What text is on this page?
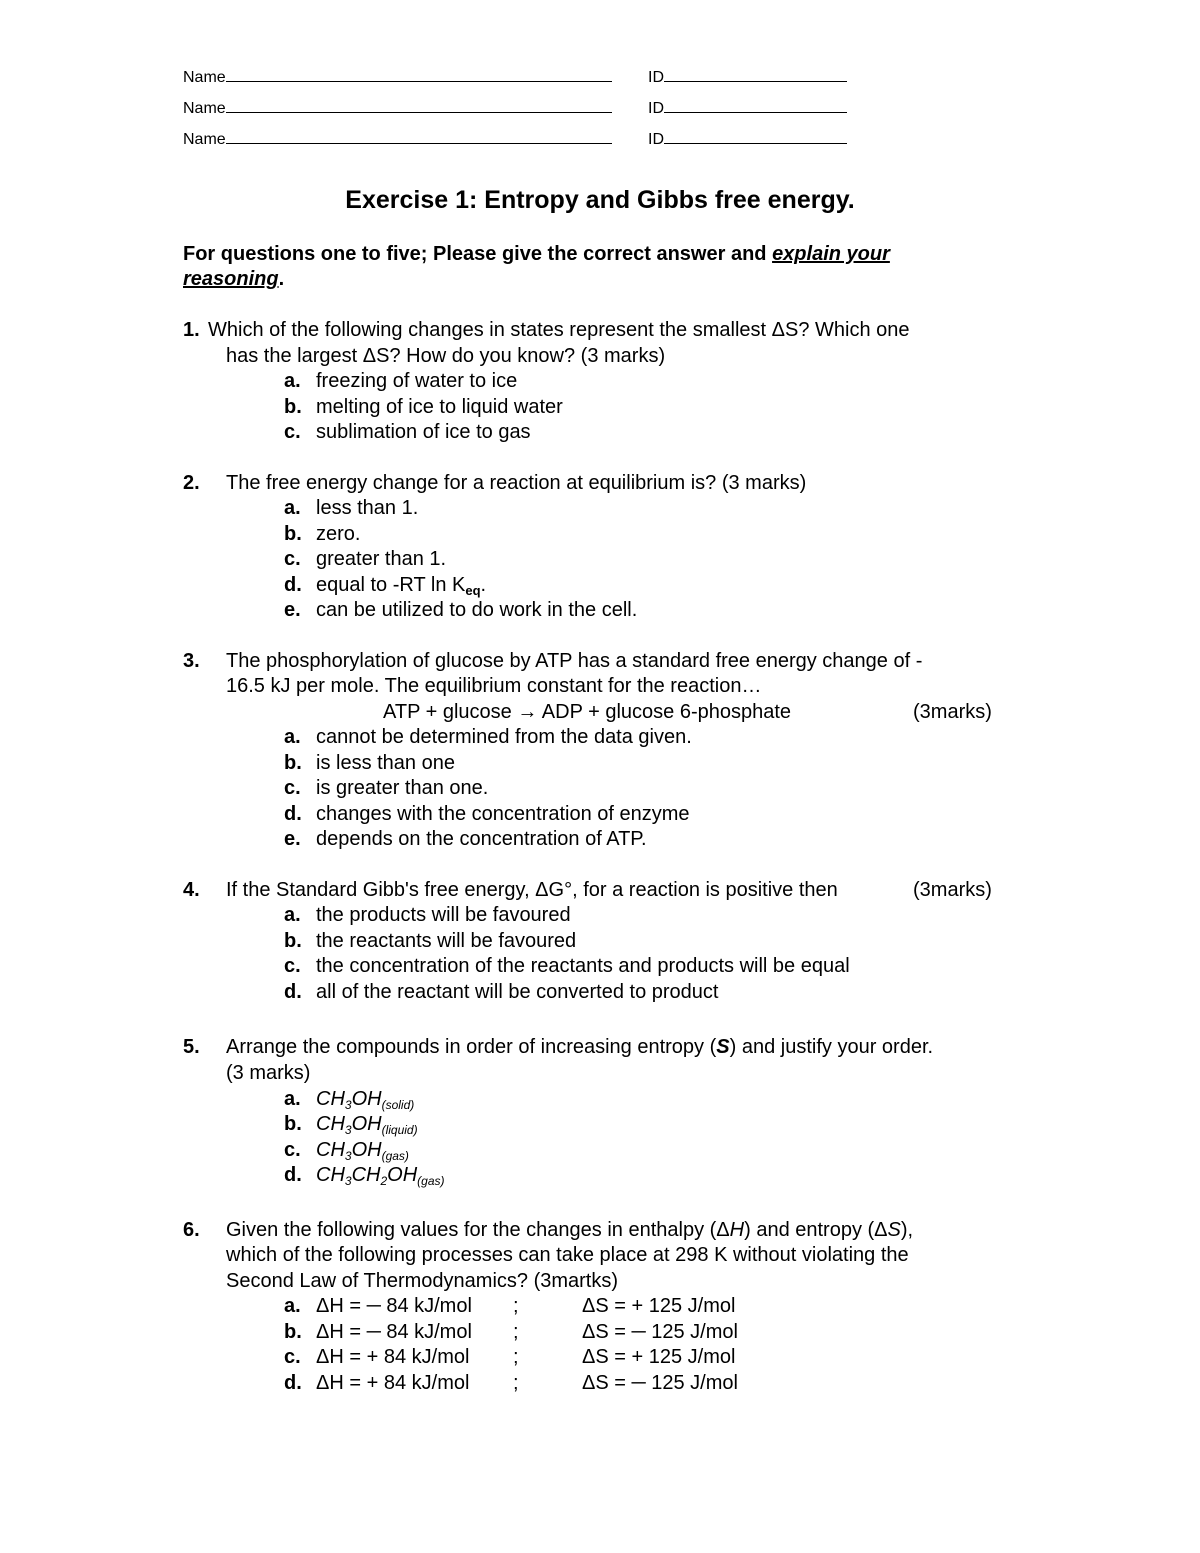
Name	ID
Name	ID
Name	ID
Exercise 1: Entropy and Gibbs free energy.
For questions one to five; Please give the correct answer and explain your reasoning.
1. Which of the following changes in states represent the smallest ΔS? Which one
has the largest ΔS? How do you know? (3 marks)
a. freezing of water to ice
b. melting of ice to liquid water
c. sublimation of ice to gas
2. The free energy change for a reaction at equilibrium is? (3 marks)
a. less than 1.
b. zero.
c. greater than 1.
d. equal to -RT $\ln K_{eq}$.
e. can be utilized to do work in the cell.
3. The phosphorylation of glucose by ATP has a standard free energy change of -
16.5 kJ per mole. The equilibrium constant for the reaction…
ATP + glucose → ADP + glucose 6-phosphate	(3marks)
a. cannot be determined from the data given.
b. is less than one
c. is greater than one.
d. changes with the concentration of enzyme
e. depends on the concentration of ATP.
4. If the Standard Gibb's free energy, ΔG°, for a reaction is positive then	(3marks)
a. the products will be favoured
b. the reactants will be favoured
c. the concentration of the reactants and products will be equal
d. all of the reactant will be converted to product
5. Arrange the compounds in order of increasing entropy (S) and justify your order.
(3 marks)
a. $CH_3OH_{(solid)}$
b. $CH_3OH_{(liquid)}$
c. $CH_3OH_{(gas)}$
d. $CH_3CH_2OH_{(gas)}$
6. Given the following values for the changes in enthalpy (ΔH) and entropy (ΔS),
which of the following processes can take place at 298 K without violating the
Second Law of Thermodynamics? (3martks)
a. ΔH = ─ 84 kJ/mol ;	ΔS = + 125 J/mol
b. ΔH = ─ 84 kJ/mol ;	ΔS = ─ 125 J/mol
c. ΔH = + 84 kJ/mol ;	ΔS = + 125 J/mol
d. ΔH = + 84 kJ/mol ;	ΔS = ─ 125 J/mol
